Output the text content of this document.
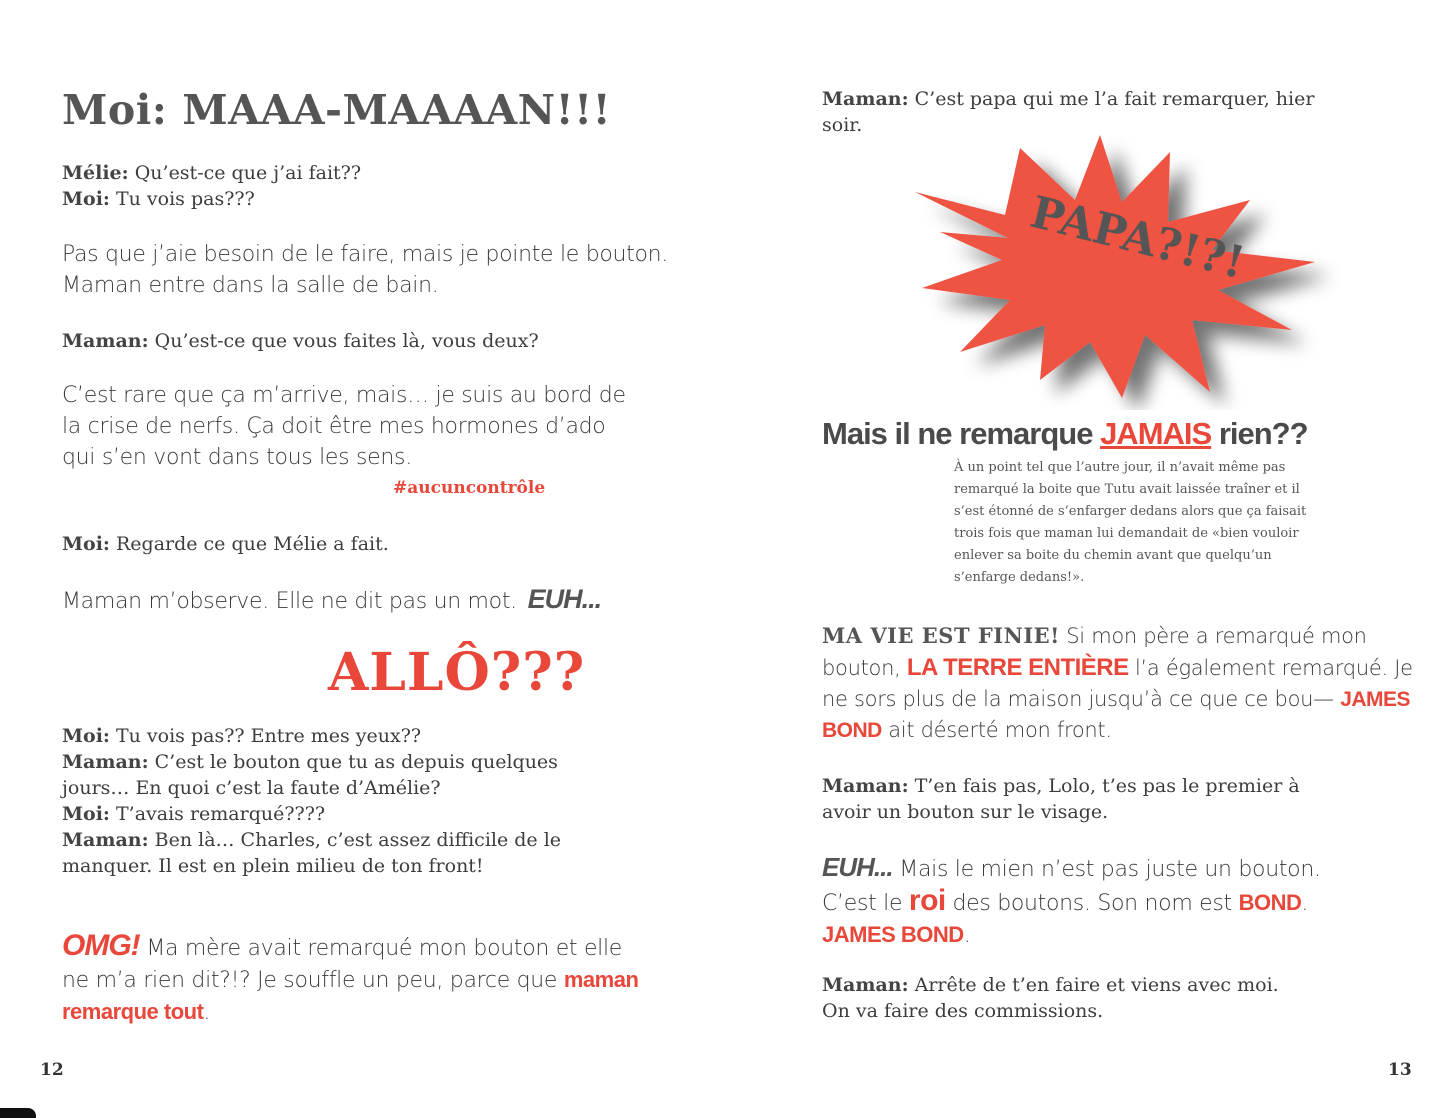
Moi: MAAA-MAAAAN!!!
Mélie: Qu’est-ce que j’ai fait??
Moi: Tu vois pas???
Pas que j’aie besoin de le faire, mais je pointe le bouton.
Maman entre dans la salle de bain.
Maman: Qu’est-ce que vous faites là, vous deux?
C’est rare que ça m’arrive, mais… je suis au bord de
la crise de nerfs. Ça doit être mes hormones d’ado
qui s’en vont dans tous les sens.
#aucuncontrôle
Moi: Regarde ce que Mélie a fait.
Maman m’observe. Elle ne dit pas un mot. EUH...
ALLÔ???
Moi: Tu vois pas?? Entre mes yeux??
Maman: C’est le bouton que tu as depuis quelques
jours… En quoi c’est la faute d’Amélie?
Moi: T’avais remarqué????
Maman: Ben là… Charles, c’est assez difficile de le
manquer. Il est en plein milieu de ton front!
OMG! Ma mère avait remarqué mon bouton et elle
ne m’a rien dit?!? Je souffle un peu, parce que maman
remarque tout.
12
Maman: C’est papa qui me l’a fait remarquer, hier
soir.
PAPA?!?!
Mais il ne remarque JAMAIS rien??
À un point tel que l’autre jour, il n’avait même pas
remarqué la boite que Tutu avait laissée traîner et il
s’est étonné de s’enfarger dedans alors que ça faisait
trois fois que maman lui demandait de «bien vouloir
enlever sa boite du chemin avant que quelqu’un
s’enfarge dedans!».
MA VIE EST FINIE! Si mon père a remarqué mon
bouton, LA TERRE ENTIÈRE l’a également remarqué. Je
ne sors plus de la maison jusqu’à ce que ce bou— JAMES
BOND ait déserté mon front.
Maman: T’en fais pas, Lolo, t’es pas le premier à
avoir un bouton sur le visage.
EUH... Mais le mien n’est pas juste un bouton.
C’est le roi des boutons. Son nom est BOND.
JAMES BOND.
Maman: Arrête de t’en faire et viens avec moi.
On va faire des commissions.
13
